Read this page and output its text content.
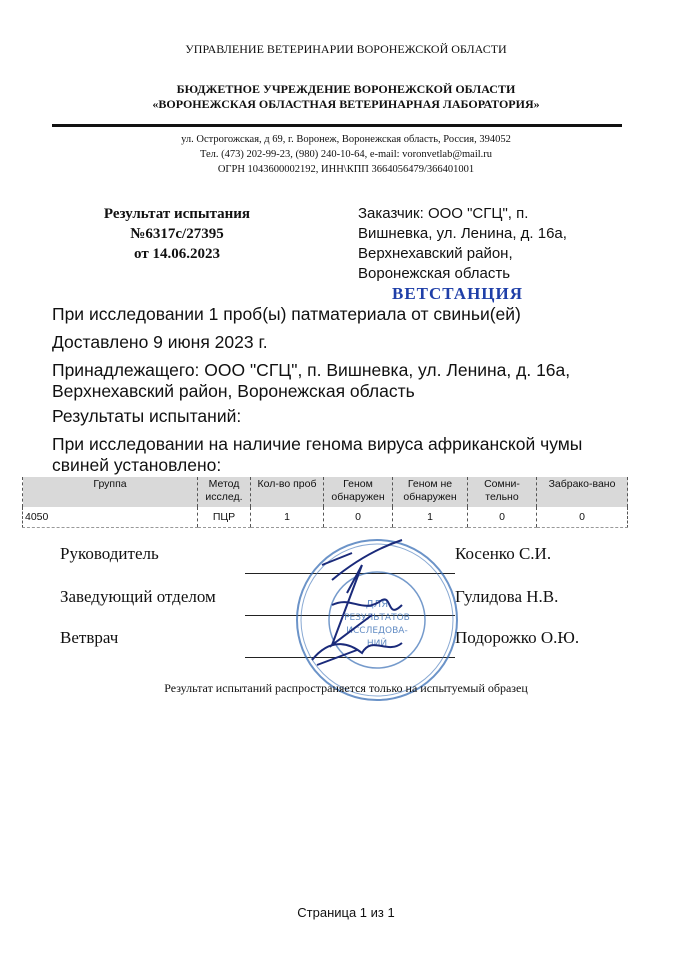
УПРАВЛЕНИЕ ВЕТЕРИНАРИИ ВОРОНЕЖСКОЙ ОБЛАСТИ
БЮДЖЕТНОЕ УЧРЕЖДЕНИЕ ВОРОНЕЖСКОЙ ОБЛАСТИ
«ВОРОНЕЖСКАЯ ОБЛАСТНАЯ ВЕТЕРИНАРНАЯ ЛАБОРАТОРИЯ»
ул. Острогожская, д 69, г. Воронеж, Воронежская область, Россия, 394052
Тел. (473) 202-99-23, (980) 240-10-64, e-mail: voronvetlab@mail.ru
ОГРН 1043600002192, ИНН\КПП 3664056479/366401001
Результат испытания
№6317с/27395
от 14.06.2023
Заказчик: ООО "СГЦ", п.
Вишневка, ул. Ленина, д. 16а,
Верхнехавский район,
Воронежская область
ВЕТСТАНЦИЯ
При исследовании 1 проб(ы) патматериала от свиньи(ей)
Доставлено 9 июня 2023 г.
Принадлежащего: ООО "СГЦ", п. Вишневка, ул. Ленина, д. 16а,
Верхнехавский район, Воронежская область
Результаты испытаний:
При исследовании на наличие генома вируса африканской чумы
свиней установлено:
Группа	Метод исслед.	Кол-во проб	Геном обнаружен	Геном не обнаружен	Сомни-тельно	Забрако-вано
4050	ПЦР	1	0	1	0	0
Руководитель	Косенко С.И.
Заведующий отделом	Гулидова Н.В.
Ветврач	Подорожко О.Ю.
ДЛЯ
РЕЗУЛЬТАТОВ
ИССЛЕДОВА-
НИЙ
Результат испытаний распространяется только на испытуемый образец
Страница 1 из 1
